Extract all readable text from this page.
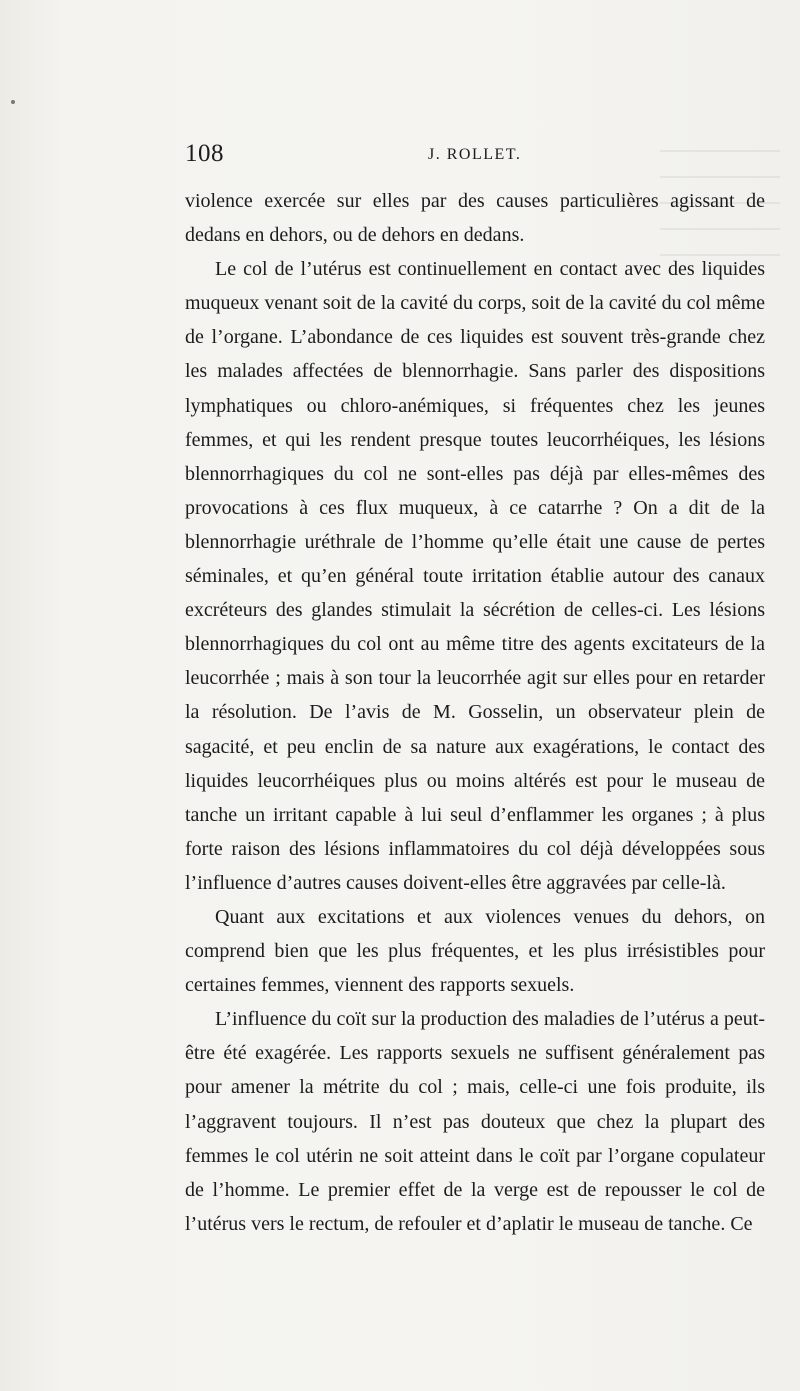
108	J. ROLLET.

violence exercée sur elles par des causes particulières agissant de dedans en dehors, ou de dehors en dedans.

Le col de l’utérus est continuellement en contact avec des liquides muqueux venant soit de la cavité du corps, soit de la cavité du col même de l’organe. L’abondance de ces liquides est souvent très-grande chez les malades affectées de blennorrhagie. Sans parler des dispositions lymphatiques ou chloro-anémiques, si fréquentes chez les jeunes femmes, et qui les rendent presque toutes leucorrhéiques, les lésions blennorrhagiques du col ne sont-elles pas déjà par elles-mêmes des provocations à ces flux muqueux, à ce catarrhe ? On a dit de la blennorrhagie uréthrale de l’homme qu’elle était une cause de pertes séminales, et qu’en général toute irritation établie autour des canaux excréteurs des glandes stimulait la sécrétion de celles-ci. Les lésions blennorrhagiques du col ont au même titre des agents excitateurs de la leucorrhée ; mais à son tour la leucorrhée agit sur elles pour en retarder la résolution. De l’avis de M. Gosselin, un observateur plein de sagacité, et peu enclin de sa nature aux exagérations, le contact des liquides leucorrhéiques plus ou moins altérés est pour le museau de tanche un irritant capable à lui seul d’enflammer les organes ; à plus forte raison des lésions inflammatoires du col déjà développées sous l’influence d’autres causes doivent-elles être aggravées par celle-là.

Quant aux excitations et aux violences venues du dehors, on comprend bien que les plus fréquentes, et les plus irrésistibles pour certaines femmes, viennent des rapports sexuels.

L’influence du coït sur la production des maladies de l’utérus a peut-être été exagérée. Les rapports sexuels ne suffisent généralement pas pour amener la métrite du col ; mais, celle-ci une fois produite, ils l’aggravent toujours. Il n’est pas douteux que chez la plupart des femmes le col utérin ne soit atteint dans le coït par l’organe copulateur de l’homme. Le premier effet de la verge est de repousser le col de l’utérus vers le rectum, de refouler et d’aplatir le museau de tanche. Ce
